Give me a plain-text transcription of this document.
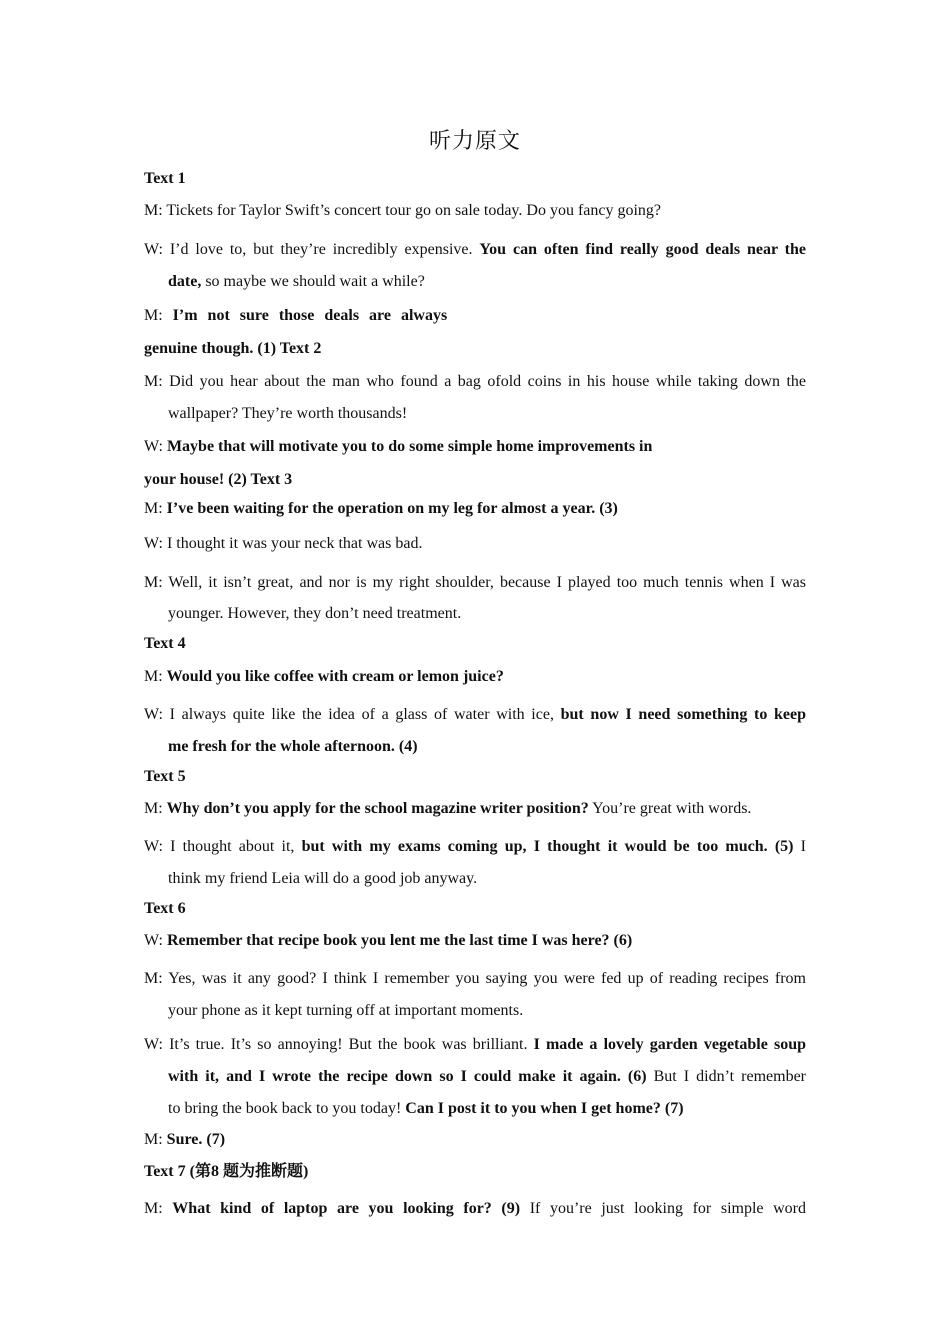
听力原文
Text 1
M: Tickets for Taylor Swift’s concert tour go on sale today. Do you fancy going?
W: I’d love to, but they’re incredibly expensive. You can often find really good deals near the
date, so maybe we should wait a while?
M: I’m not sure those deals are always
genuine though. (1) Text 2
M: Did you hear about the man who found a bag ofold coins in his house while taking down the
wallpaper? They’re worth thousands!
W: Maybe that will motivate you to do some simple home improvements in
your house! (2) Text 3
M: I’ve been waiting for the operation on my leg for almost a year. (3)
W: I thought it was your neck that was bad.
M: Well, it isn’t great, and nor is my right shoulder, because I played too much tennis when I was
younger. However, they don’t need treatment.
Text 4
M: Would you like coffee with cream or lemon juice?
W: I always quite like the idea of a glass of water with ice, but now I need something to keep
me fresh for the whole afternoon. (4)
Text 5
M: Why don’t you apply for the school magazine writer position? You’re great with words.
W: I thought about it, but with my exams coming up, I thought it would be too much. (5) I
think my friend Leia will do a good job anyway.
Text 6
W: Remember that recipe book you lent me the last time I was here? (6)
M: Yes, was it any good? I think I remember you saying you were fed up of reading recipes from
your phone as it kept turning off at important moments.
W: It’s true. It’s so annoying! But the book was brilliant. I made a lovely garden vegetable soup
with it, and I wrote the recipe down so I could make it again. (6) But I didn’t remember
to bring the book back to you today! Can I post it to you when I get home? (7)
M: Sure. (7)
Text 7 (第8 题为推断题)
M: What kind of laptop are you looking for? (9) If you’re just looking for simple word
